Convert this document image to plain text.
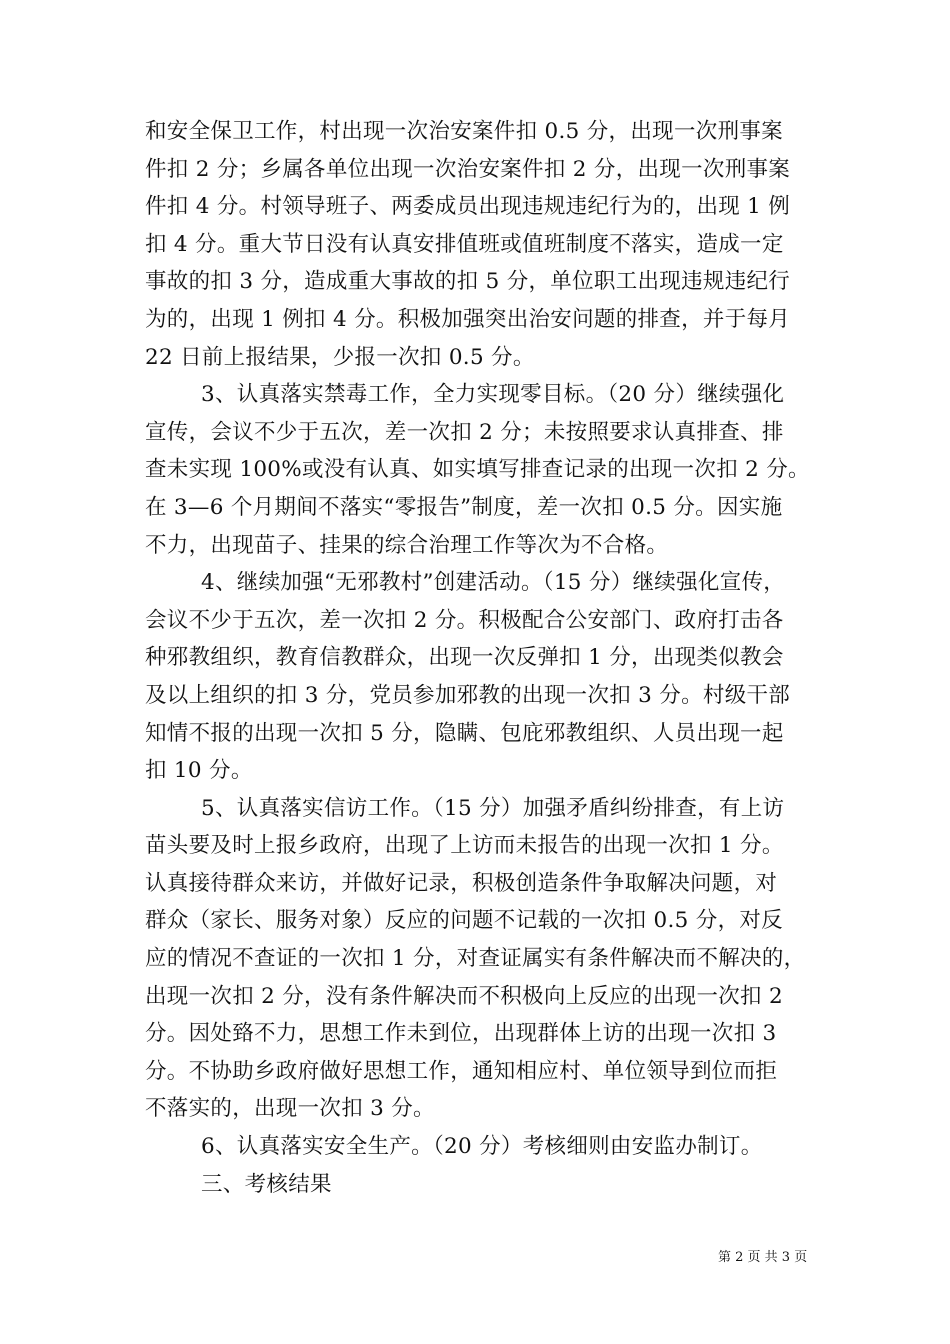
和安全保卫工作，村出现一次治安案件扣 0.5 分，出现一次刑事案
件扣 2 分；乡属各单位出现一次治安案件扣 2 分，出现一次刑事案
件扣 4 分。村领导班子、两委成员出现违规违纪行为的，出现 1 例
扣 4 分。重大节日没有认真安排值班或值班制度不落实，造成一定
事故的扣 3 分，造成重大事故的扣 5 分，单位职工出现违规违纪行
为的，出现 1 例扣 4 分。积极加强突出治安问题的排查，并于每月
22 日前上报结果，少报一次扣 0.5 分。
3、认真落实禁毒工作，全力实现零目标。（20 分）继续强化
宣传，会议不少于五次，差一次扣 2 分；未按照要求认真排查、排
查未实现 100%或没有认真、如实填写排查记录的出现一次扣 2 分。
在 3—6 个月期间不落实“零报告”制度，差一次扣 0.5 分。因实施
不力，出现苗子、挂果的综合治理工作等次为不合格。
4、继续加强“无邪教村”创建活动。（15 分）继续强化宣传，
会议不少于五次，差一次扣 2 分。积极配合公安部门、政府打击各
种邪教组织，教育信教群众，出现一次反弹扣 1 分，出现类似教会
及以上组织的扣 3 分，党员参加邪教的出现一次扣 3 分。村级干部
知情不报的出现一次扣 5 分，隐瞒、包庇邪教组织、人员出现一起
扣 10 分。
5、认真落实信访工作。（15 分）加强矛盾纠纷排查，有上访
苗头要及时上报乡政府，出现了上访而未报告的出现一次扣 1 分。
认真接待群众来访，并做好记录，积极创造条件争取解决问题，对
群众（家长、服务对象）反应的问题不记载的一次扣 0.5 分，对反
应的情况不查证的一次扣 1 分，对查证属实有条件解决而不解决的，
出现一次扣 2 分，没有条件解决而不积极向上反应的出现一次扣 2
分。因处臵不力，思想工作未到位，出现群体上访的出现一次扣 3
分。不协助乡政府做好思想工作，通知相应村、单位领导到位而拒
不落实的，出现一次扣 3 分。
6、认真落实安全生产。（20 分）考核细则由安监办制订。
三、考核结果
第 2 页 共 3 页
